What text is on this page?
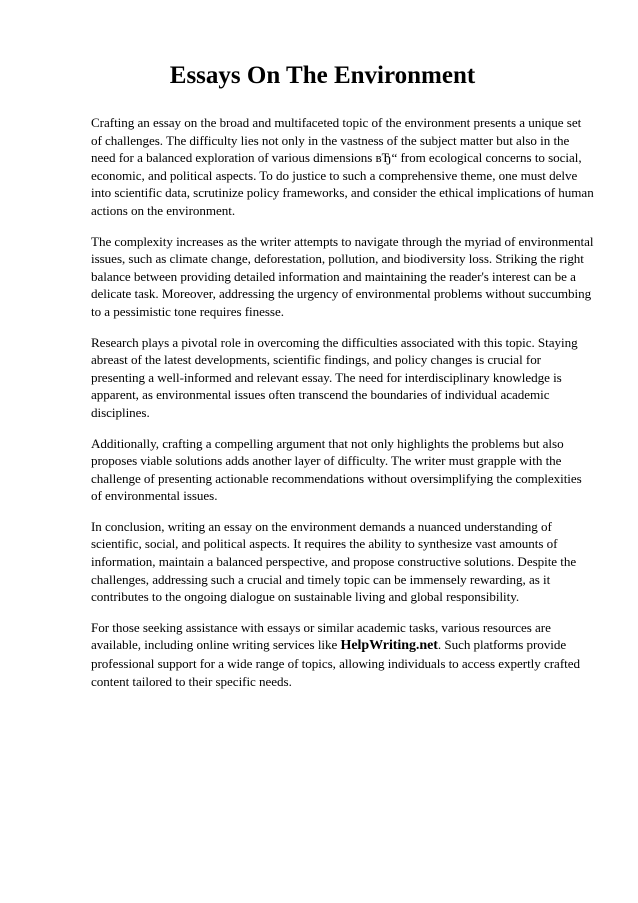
Essays On The Environment

Crafting an essay on the broad and multifaceted topic of the environment presents a unique set of challenges. The difficulty lies not only in the vastness of the subject matter but also in the need for a balanced exploration of various dimensions вЂ“ from ecological concerns to social, economic, and political aspects. To do justice to such a comprehensive theme, one must delve into scientific data, scrutinize policy frameworks, and consider the ethical implications of human actions on the environment.

The complexity increases as the writer attempts to navigate through the myriad of environmental issues, such as climate change, deforestation, pollution, and biodiversity loss. Striking the right balance between providing detailed information and maintaining the reader's interest can be a delicate task. Moreover, addressing the urgency of environmental problems without succumbing to a pessimistic tone requires finesse.

Research plays a pivotal role in overcoming the difficulties associated with this topic. Staying abreast of the latest developments, scientific findings, and policy changes is crucial for presenting a well-informed and relevant essay. The need for interdisciplinary knowledge is apparent, as environmental issues often transcend the boundaries of individual academic disciplines.

Additionally, crafting a compelling argument that not only highlights the problems but also proposes viable solutions adds another layer of difficulty. The writer must grapple with the challenge of presenting actionable recommendations without oversimplifying the complexities of environmental issues.

In conclusion, writing an essay on the environment demands a nuanced understanding of scientific, social, and political aspects. It requires the ability to synthesize vast amounts of information, maintain a balanced perspective, and propose constructive solutions. Despite the challenges, addressing such a crucial and timely topic can be immensely rewarding, as it contributes to the ongoing dialogue on sustainable living and global responsibility.

For those seeking assistance with essays or similar academic tasks, various resources are available, including online writing services like HelpWriting.net. Such platforms provide professional support for a wide range of topics, allowing individuals to access expertly crafted content tailored to their specific needs.
